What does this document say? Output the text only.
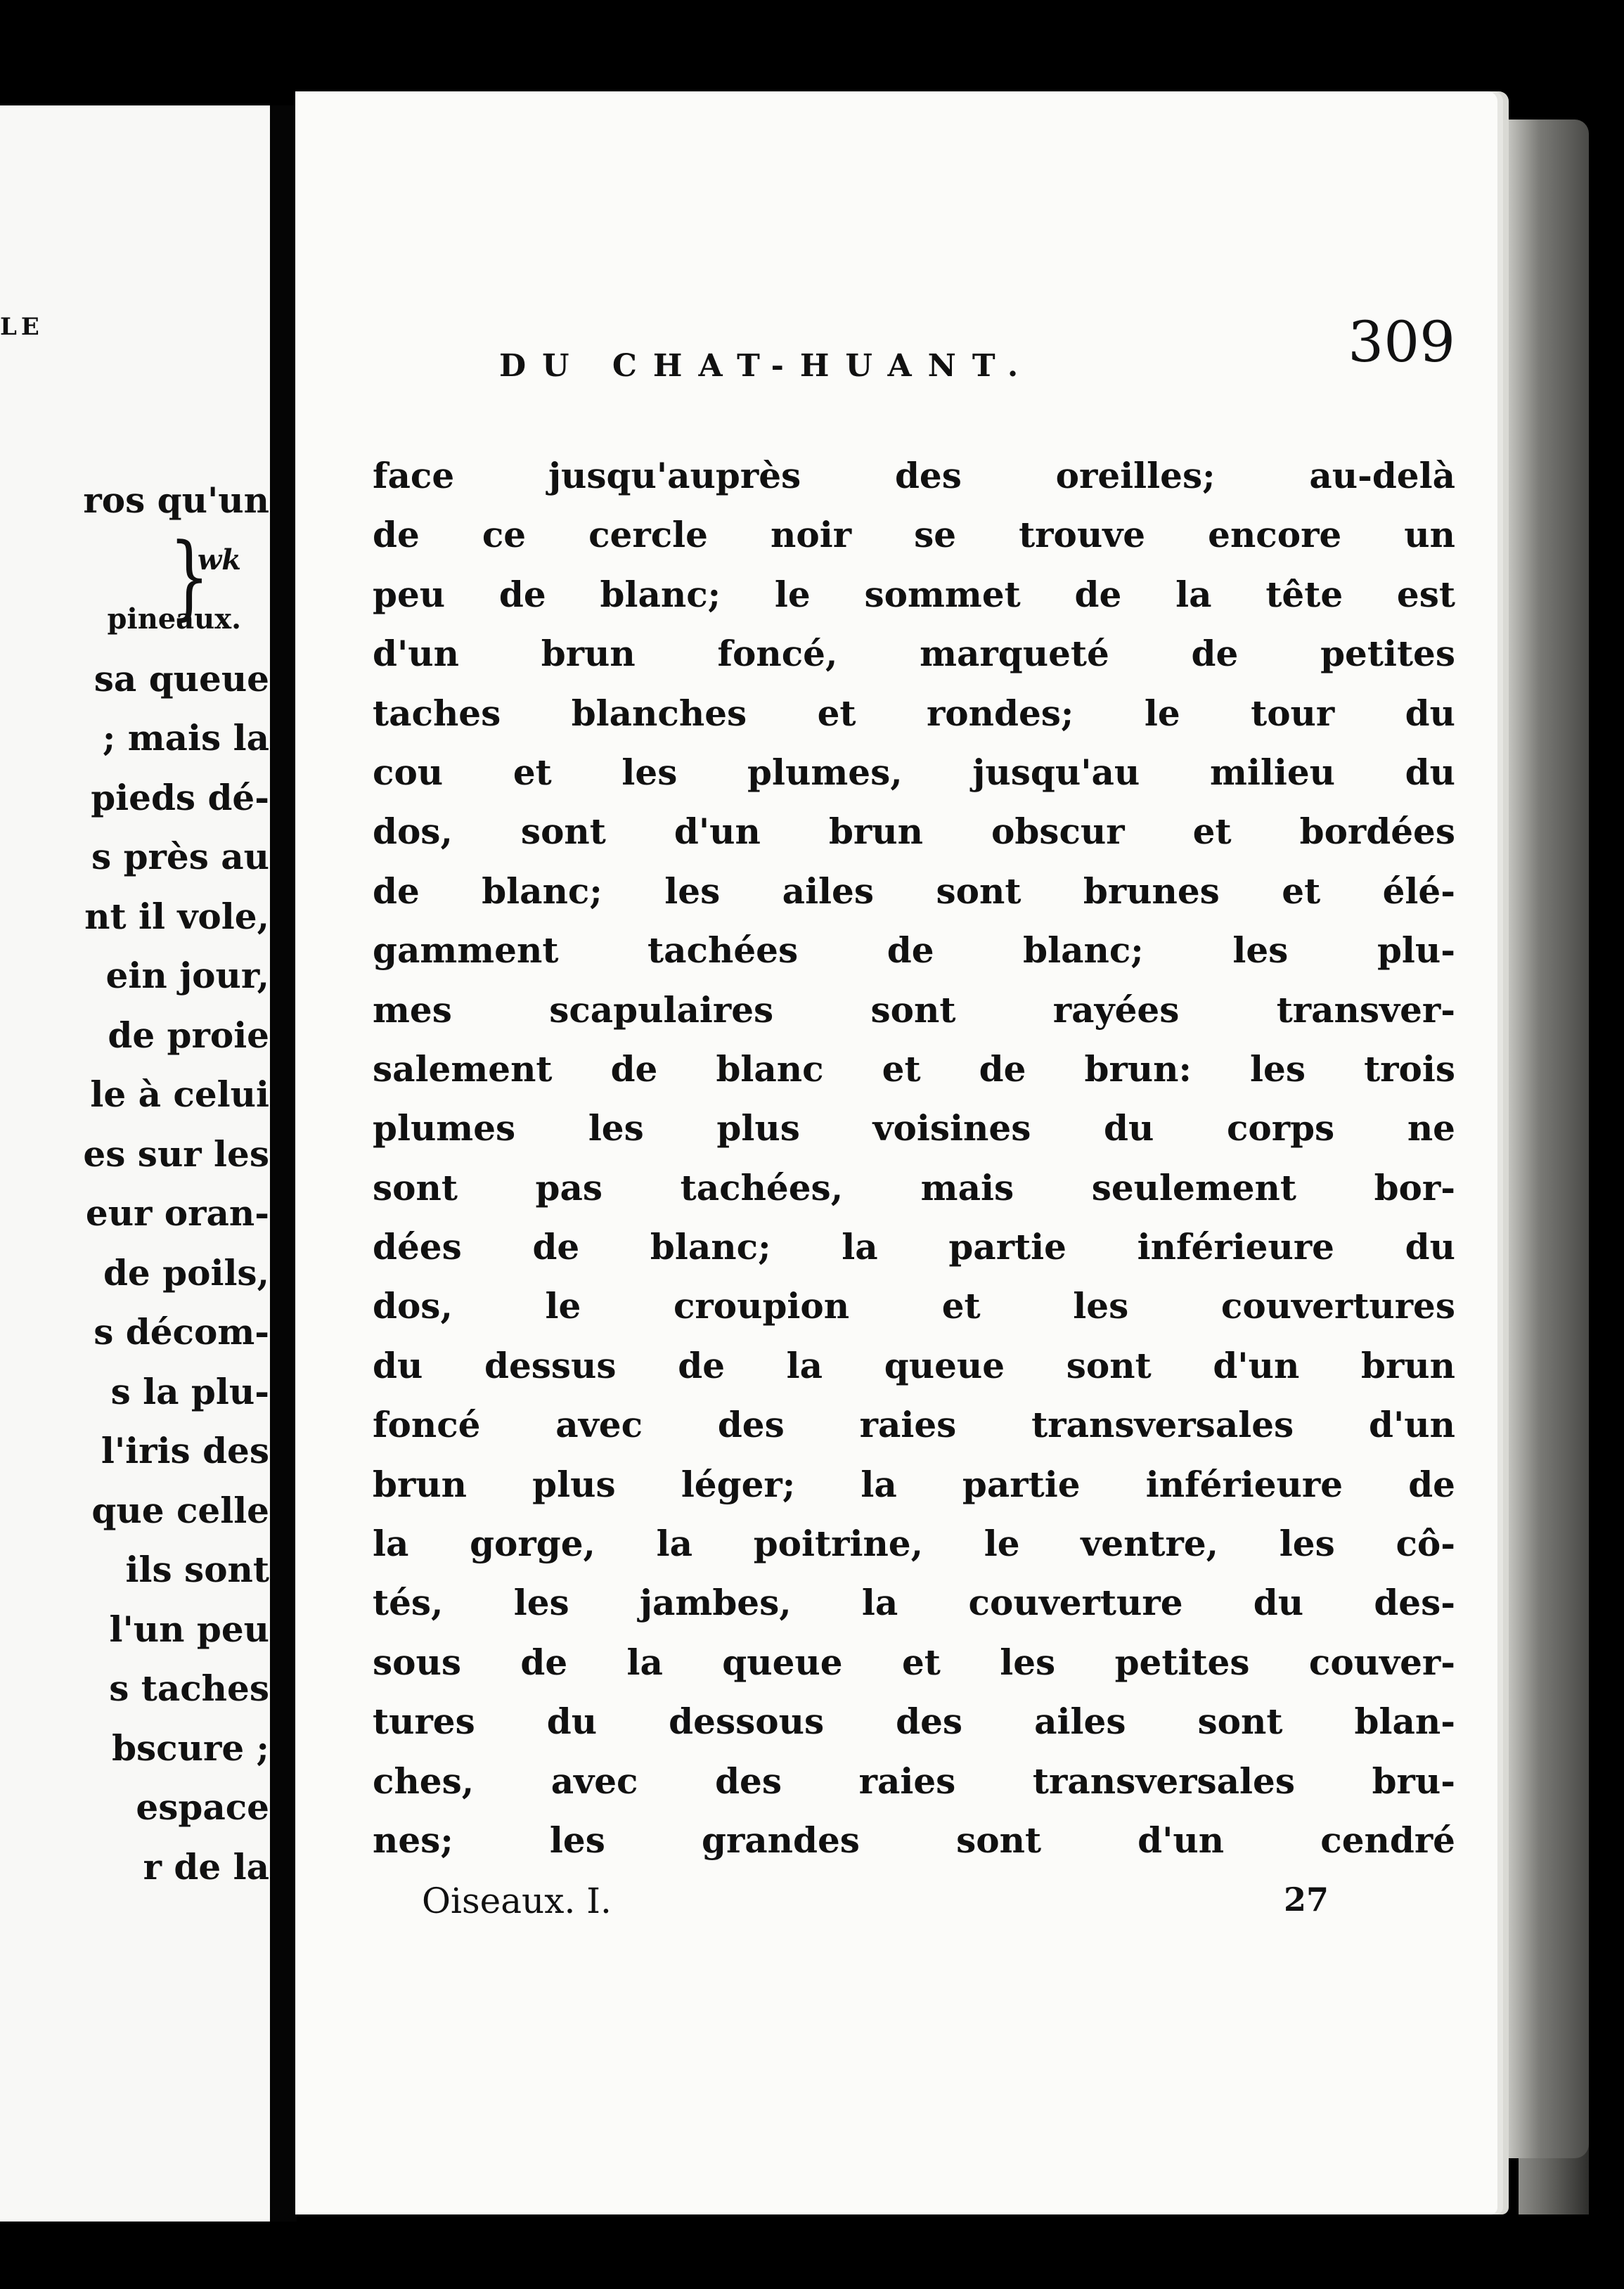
LE
}
ros qu'un
wk
pineaux.
sa queue
; mais la
pieds dé-
s près au
nt il vole,
ein jour,
de proie
le à celui
es sur les
eur oran-
de poils,
s décom-
s la plu-
l'iris des
que celle
ils sont
l'un peu
s taches
bscure ;
espace
r de la
DU CHAT-HUANT.	309
face jusqu'auprès des oreilles; au-delà
de ce cercle noir se trouve encore un
peu de blanc; le sommet de la tête est
d'un brun foncé, marqueté de petites
taches blanches et rondes; le tour du
cou et les plumes, jusqu'au milieu du
dos, sont d'un brun obscur et bordées
de blanc; les ailes sont brunes et élé-
gamment tachées de blanc; les plu-
mes scapulaires sont rayées transver-
salement de blanc et de brun: les trois
plumes les plus voisines du corps ne
sont pas tachées, mais seulement bor-
dées de blanc; la partie inférieure du
dos, le croupion et les couvertures
du dessus de la queue sont d'un brun
foncé avec des raies transversales d'un
brun plus léger; la partie inférieure de
la gorge, la poitrine, le ventre, les cô-
tés, les jambes, la couverture du des-
sous de la queue et les petites couver-
tures du dessous des ailes sont blan-
ches, avec des raies transversales bru-
nes; les grandes sont d'un cendré
Oiseaux. I.	27
